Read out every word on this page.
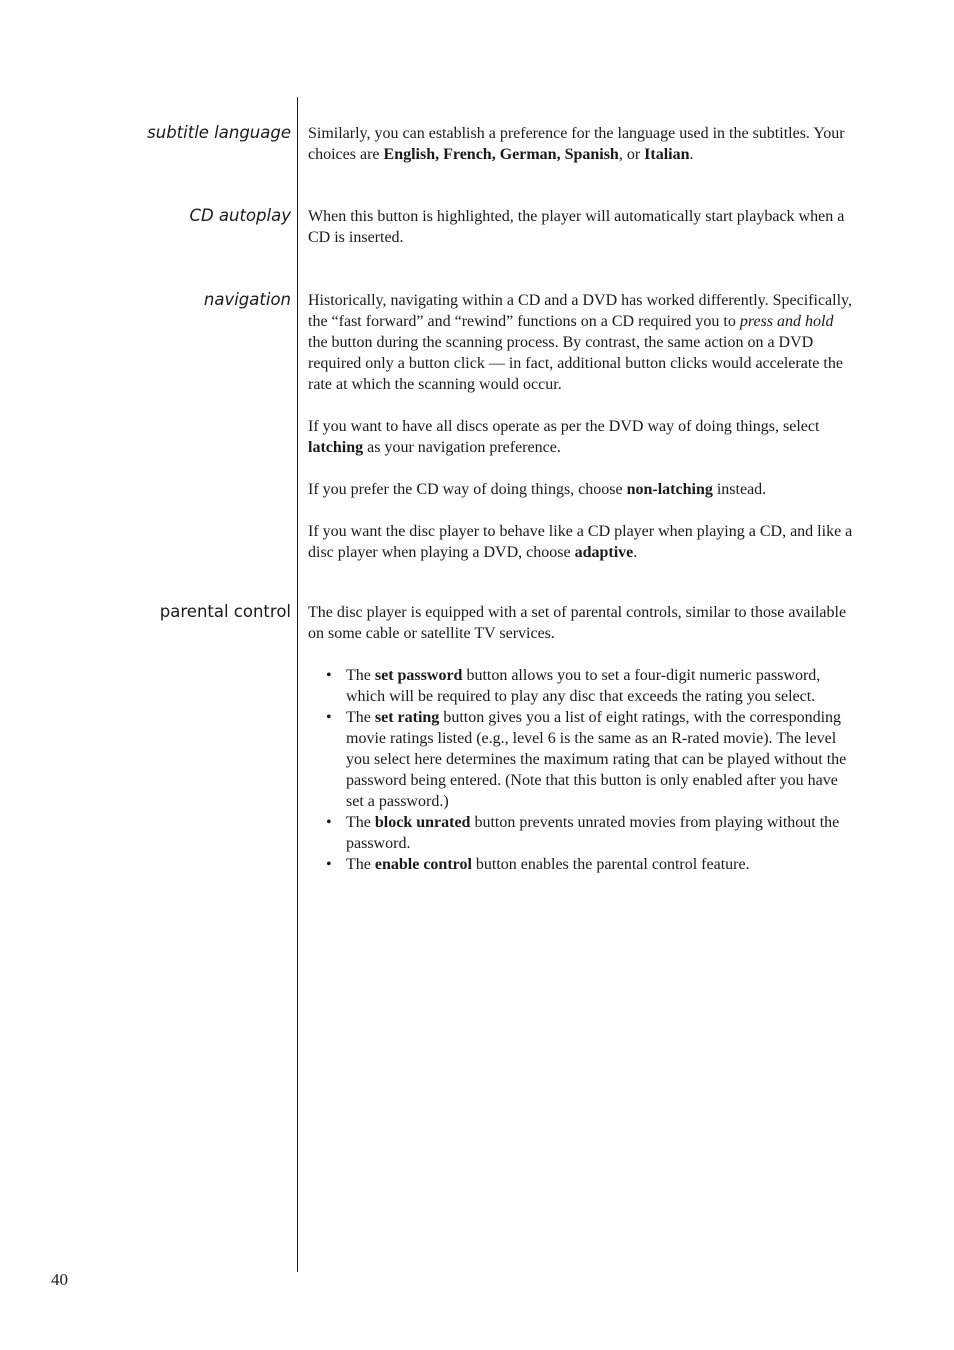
subtitle language Similarly, you can establish a preference for the language used in the subtitles. Your choices are English, French, German, Spanish, or Italian.

CD autoplay When this button is highlighted, the player will automatically start playback when a CD is inserted.

navigation Historically, navigating within a CD and a DVD has worked differently. Specifically, the “fast forward” and “rewind” functions on a CD required you to press and hold the button during the scanning process. By contrast, the same action on a DVD required only a button click — in fact, additional button clicks would accelerate the rate at which the scanning would occur.

If you want to have all discs operate as per the DVD way of doing things, select latching as your navigation preference.

If you prefer the CD way of doing things, choose non-latching instead.

If you want the disc player to behave like a CD player when playing a CD, and like a disc player when playing a DVD, choose adaptive.

parental control The disc player is equipped with a set of parental controls, similar to those available on some cable or satellite TV services.

• The set password button allows you to set a four-digit numeric password, which will be required to play any disc that exceeds the rating you select.
• The set rating button gives you a list of eight ratings, with the corresponding movie ratings listed (e.g., level 6 is the same as an R-rated movie). The level you select here determines the maximum rating that can be played without the password being entered. (Note that this button is only enabled after you have set a password.)
• The block unrated button prevents unrated movies from playing without the password.
• The enable control button enables the parental control feature.
40
